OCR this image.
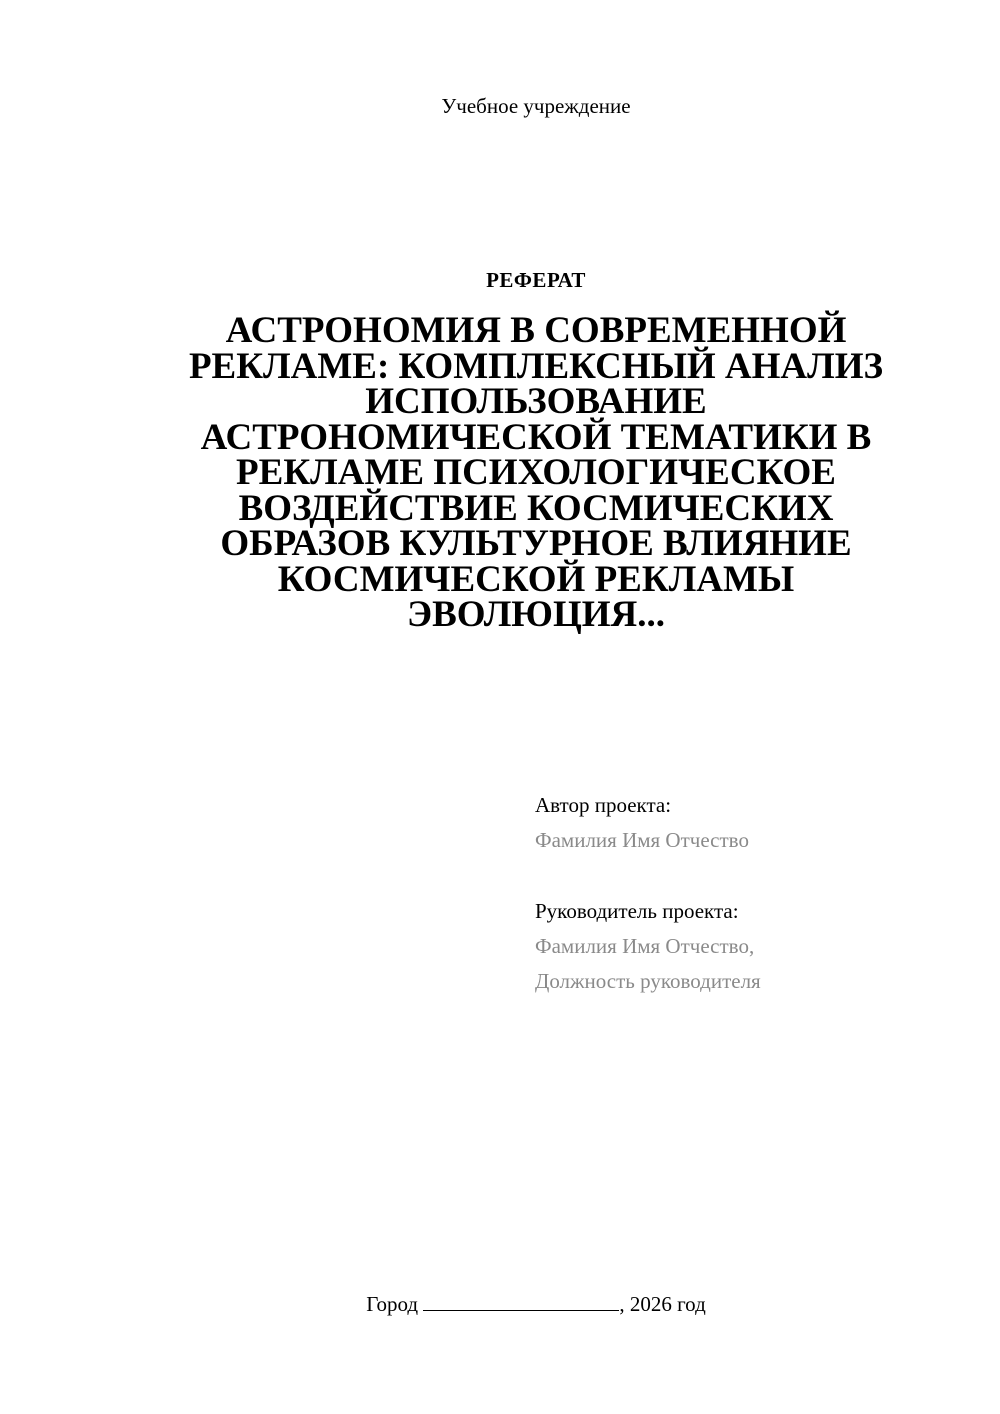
Учебное учреждение
РЕФЕРАТ
АСТРОНОМИЯ В СОВРЕМЕННОЙ РЕКЛАМЕ: КОМПЛЕКСНЫЙ АНАЛИЗ ИСПОЛЬЗОВАНИЕ АСТРОНОМИЧЕСКОЙ ТЕМАТИКИ В РЕКЛАМЕ ПСИХОЛОГИЧЕСКОЕ ВОЗДЕЙСТВИЕ КОСМИЧЕСКИХ ОБРАЗОВ КУЛЬТУРНОЕ ВЛИЯНИЕ КОСМИЧЕСКОЙ РЕКЛАМЫ ЭВОЛЮЦИЯ...
Автор проекта:
Фамилия Имя Отчество
Руководитель проекта:
Фамилия Имя Отчество,
Должность руководителя
Город	, 2026 год
